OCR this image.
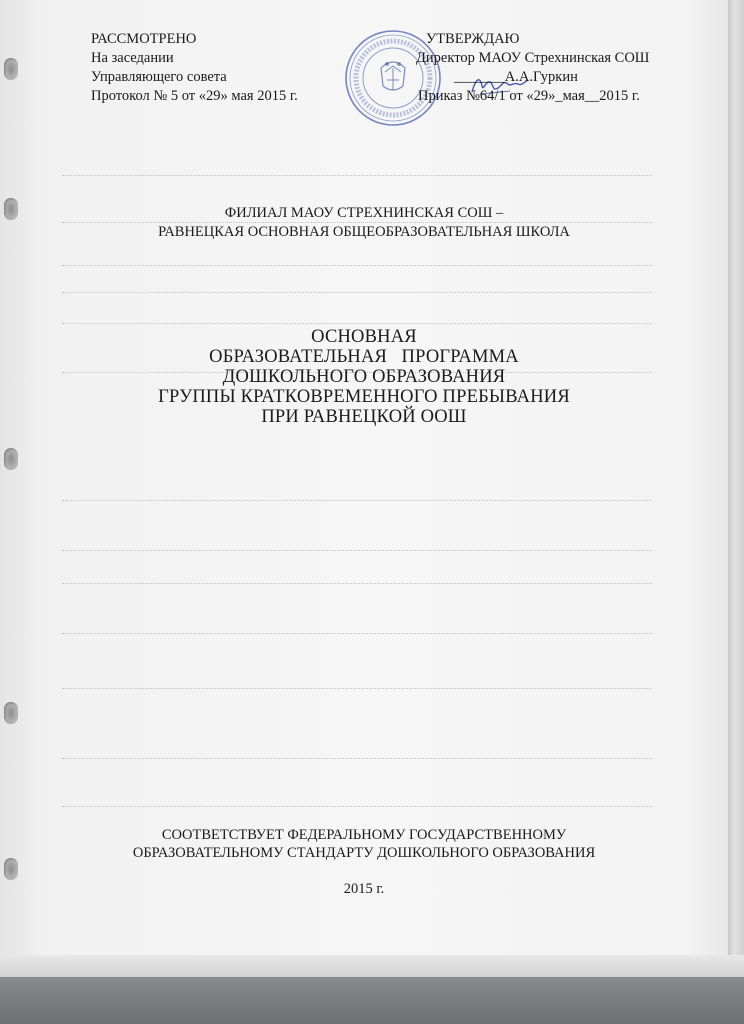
РАССМОТРЕНО
На заседании
Управляющего совета
Протокол № 5 от «29» мая 2015 г.
УТВЕРЖДАЮ
Директор МАОУ Стрехнинская СОШ
_______А.А.Гуркин
Приказ №64/1 от «29»_мая__2015 г.
ФИЛИАЛ МАОУ СТРЕХНИНСКАЯ СОШ –
РАВНЕЦКАЯ ОСНОВНАЯ ОБЩЕОБРАЗОВАТЕЛЬНАЯ ШКОЛА
ОСНОВНАЯ
ОБРАЗОВАТЕЛЬНАЯ   ПРОГРАММА
ДОШКОЛЬНОГО ОБРАЗОВАНИЯ
ГРУППЫ КРАТКОВРЕМЕННОГО ПРЕБЫВАНИЯ
ПРИ РАВНЕЦКОЙ ООШ
СООТВЕТСТВУЕТ ФЕДЕРАЛЬНОМУ ГОСУДАРСТВЕННОМУ
ОБРАЗОВАТЕЛЬНОМУ СТАНДАРТУ ДОШКОЛЬНОГО ОБРАЗОВАНИЯ
2015 г.
